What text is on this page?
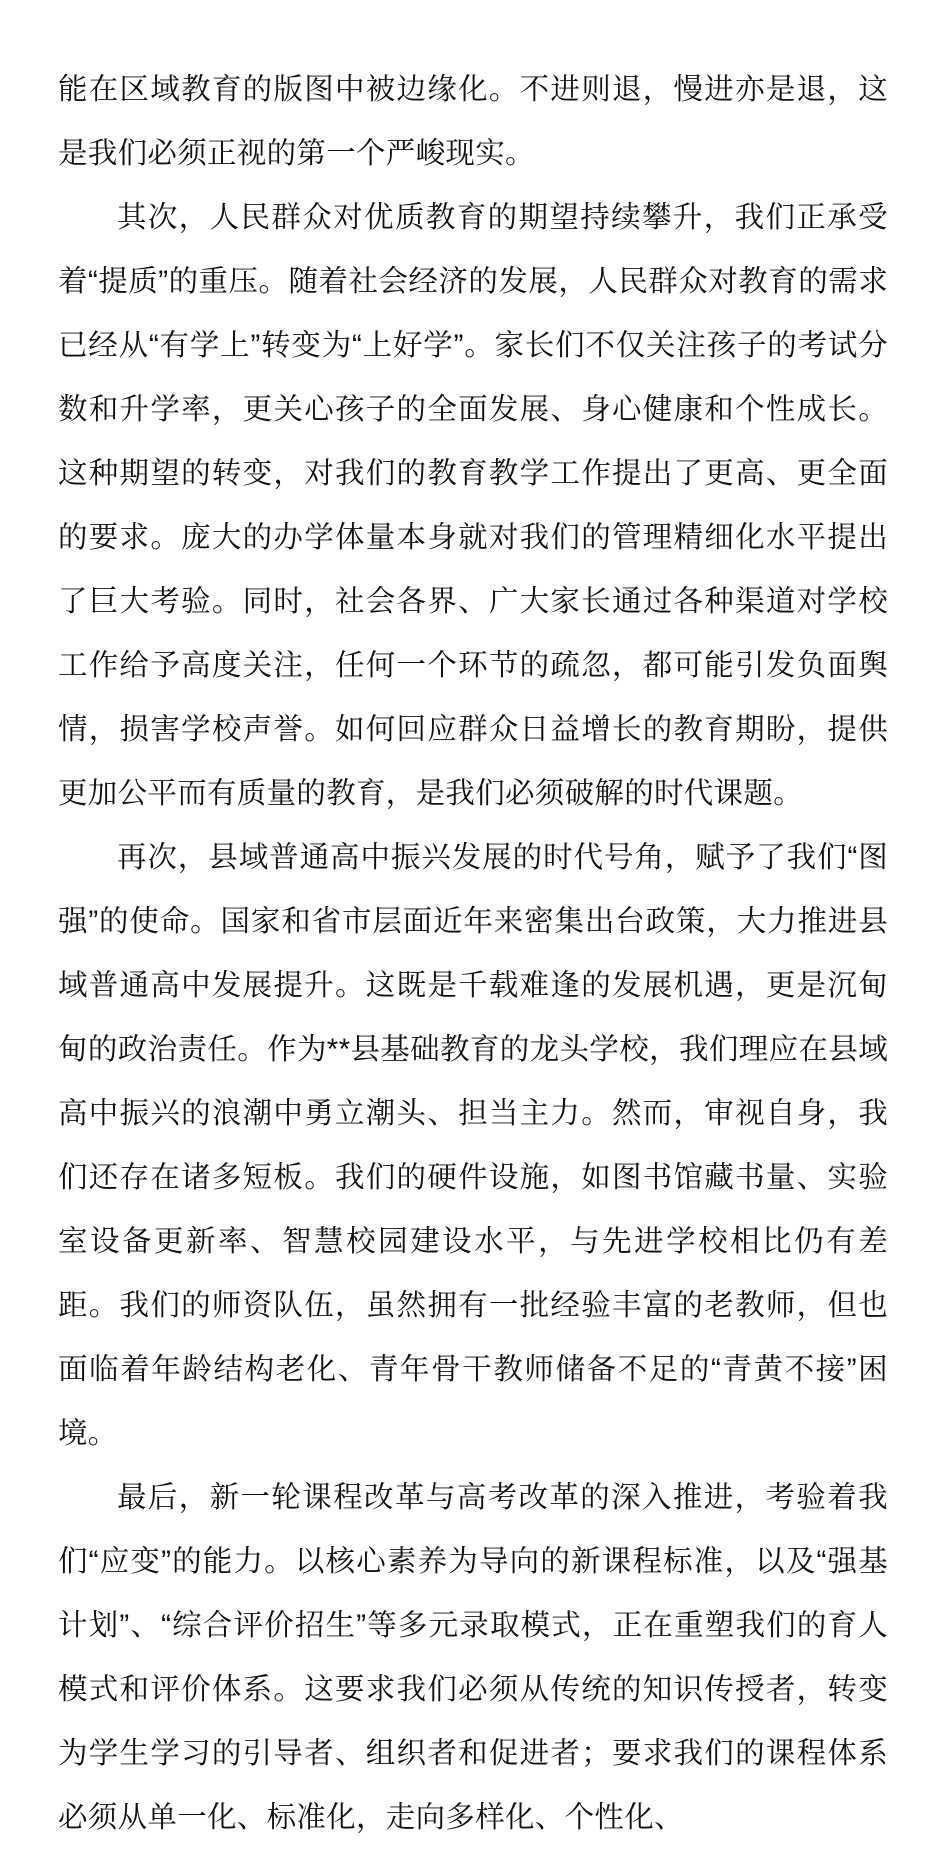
能在区域教育的版图中被边缘化。不进则退，慢进亦是退，这是我们必须正视的第一个严峻现实。

其次，人民群众对优质教育的期望持续攀升，我们正承受着“提质”的重压。随着社会经济的发展，人民群众对教育的需求已经从“有学上”转变为“上好学”。家长们不仅关注孩子的考试分数和升学率，更关心孩子的全面发展、身心健康和个性成长。这种期望的转变，对我们的教育教学工作提出了更高、更全面的要求。庞大的办学体量本身就对我们的管理精细化水平提出了巨大考验。同时，社会各界、广大家长通过各种渠道对学校工作给予高度关注，任何一个环节的疏忽，都可能引发负面舆情，损害学校声誉。如何回应群众日益增长的教育期盼，提供更加公平而有质量的教育，是我们必须破解的时代课题。

再次，县域普通高中振兴发展的时代号角，赋予了我们“图强”的使命。国家和省市层面近年来密集出台政策，大力推进县域普通高中发展提升。这既是千载难逢的发展机遇，更是沉甸甸的政治责任。作为**县基础教育的龙头学校，我们理应在县域高中振兴的浪潮中勇立潮头、担当主力。然而，审视自身，我们还存在诸多短板。我们的硬件设施，如图书馆藏书量、实验室设备更新率、智慧校园建设水平，与先进学校相比仍有差距。我们的师资队伍，虽然拥有一批经验丰富的老教师，但也面临着年龄结构老化、青年骨干教师储备不足的“青黄不接”困境。

最后，新一轮课程改革与高考改革的深入推进，考验着我们“应变”的能力。以核心素养为导向的新课程标准，以及“强基计划”、“综合评价招生”等多元录取模式，正在重塑我们的育人模式和评价体系。这要求我们必须从传统的知识传授者，转变为学生学习的引导者、组织者和促进者；要求我们的课程体系必须从单一化、标准化，走向多样化、个性化、
